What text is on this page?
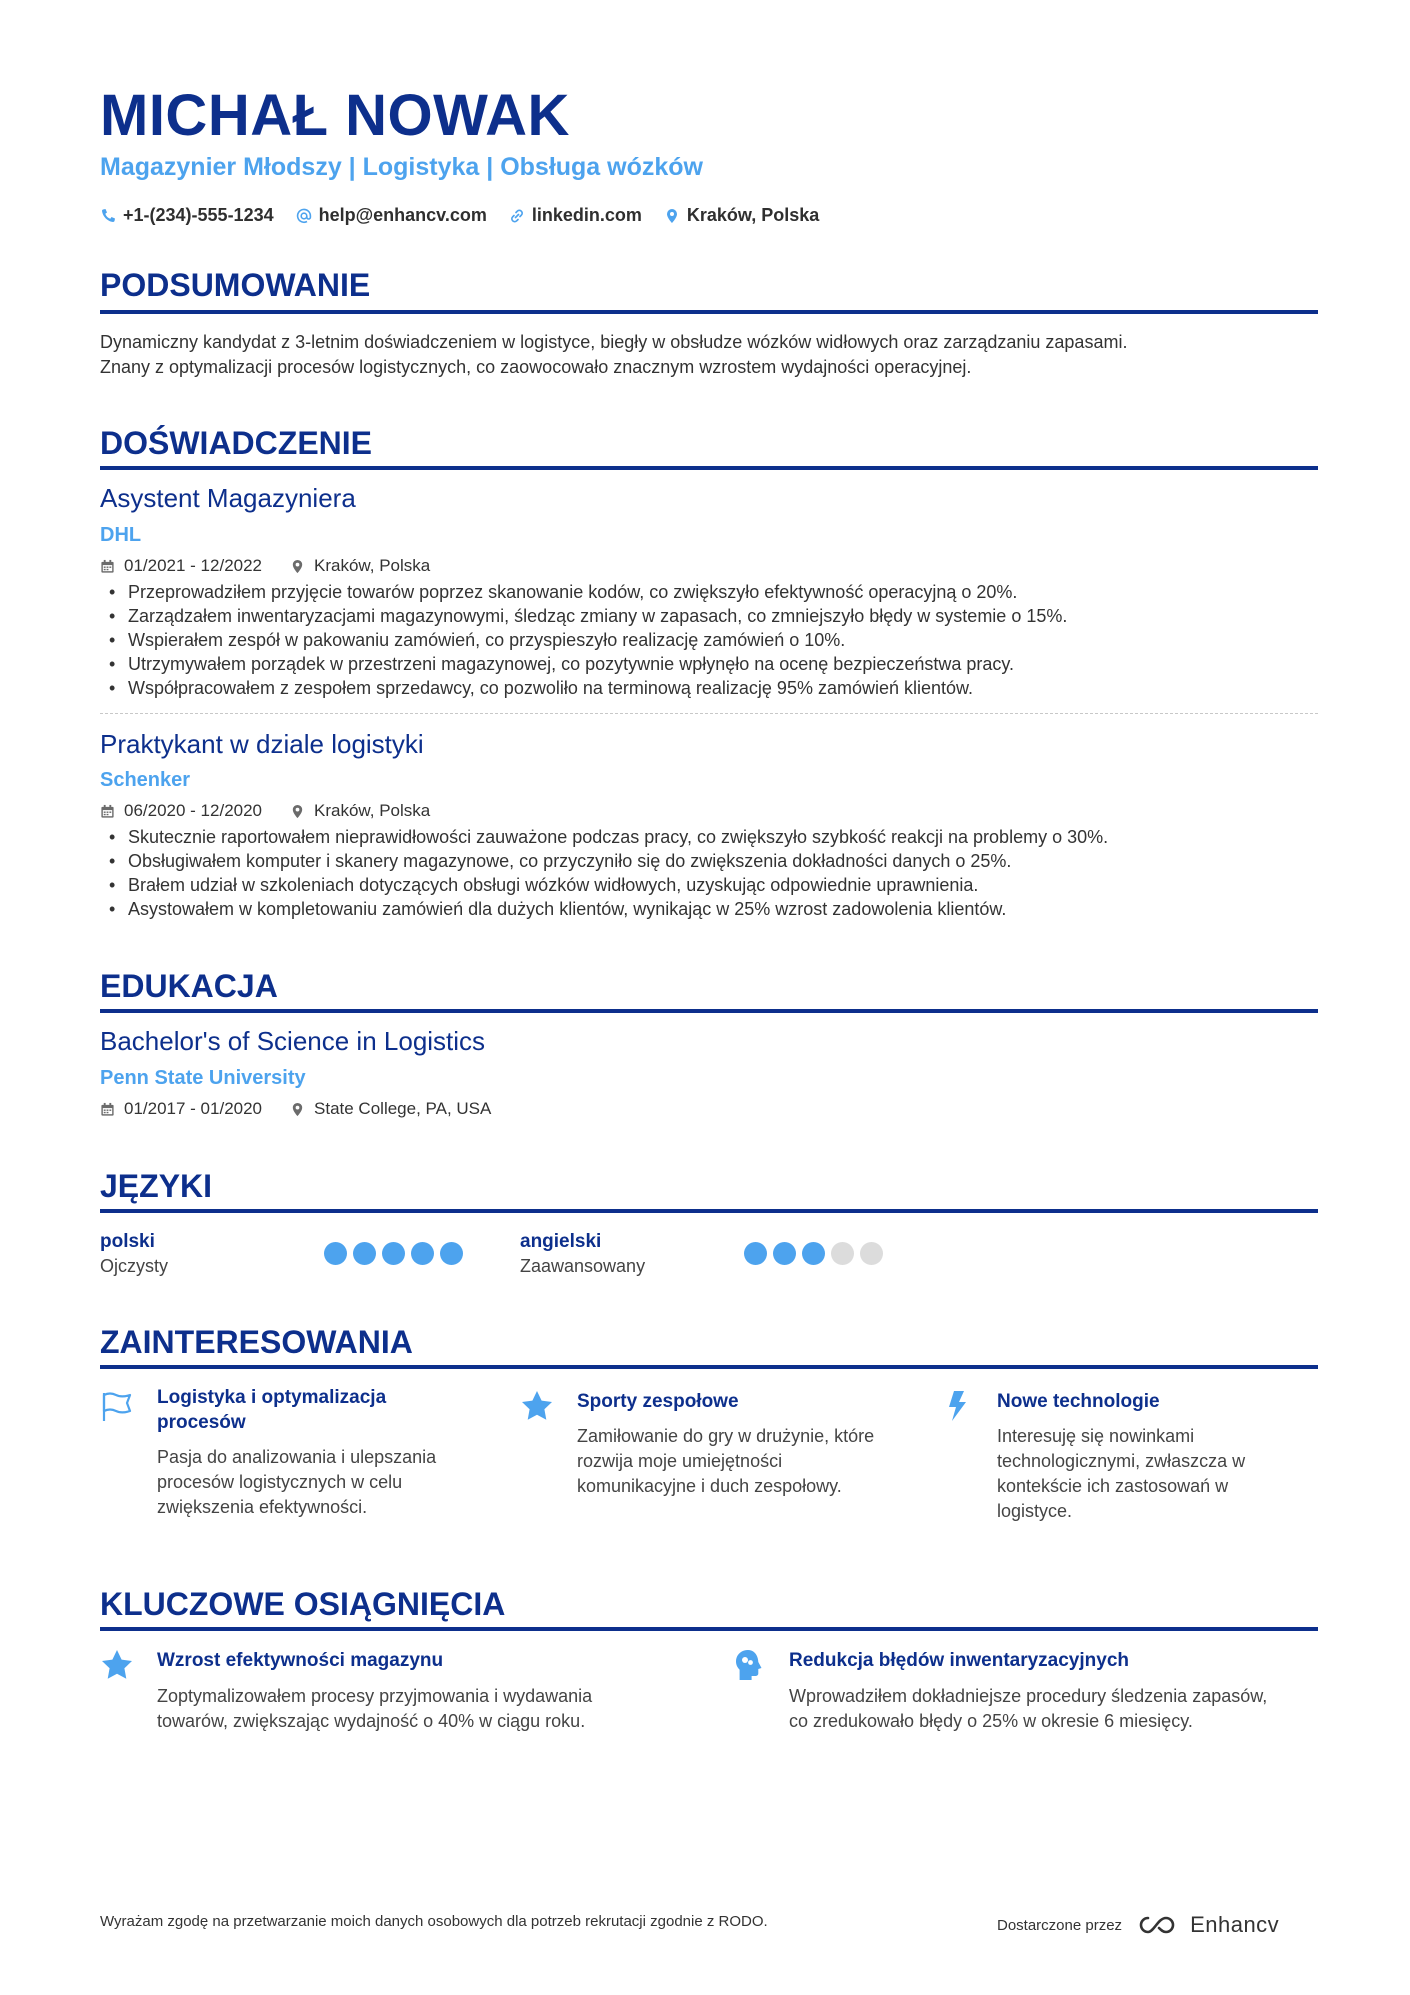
MICHAŁ NOWAK
Magazynier Młodszy | Logistyka | Obsługa wózków
+1-(234)-555-1234	help@enhancv.com	linkedin.com	Kraków, Polska
PODSUMOWANIE
Dynamiczny kandydat z 3-letnim doświadczeniem w logistyce, biegły w obsłudze wózków widłowych oraz zarządzaniu zapasami.
Znany z optymalizacji procesów logistycznych, co zaowocowało znacznym wzrostem wydajności operacyjnej.
DOŚWIADCZENIE
Asystent Magazyniera
DHL
01/2021 - 12/2022	Kraków, Polska
• Przeprowadziłem przyjęcie towarów poprzez skanowanie kodów, co zwiększyło efektywność operacyjną o 20%.
• Zarządzałem inwentaryzacjami magazynowymi, śledząc zmiany w zapasach, co zmniejszyło błędy w systemie o 15%.
• Wspierałem zespół w pakowaniu zamówień, co przyspieszyło realizację zamówień o 10%.
• Utrzymywałem porządek w przestrzeni magazynowej, co pozytywnie wpłynęło na ocenę bezpieczeństwa pracy.
• Współpracowałem z zespołem sprzedawcy, co pozwoliło na terminową realizację 95% zamówień klientów.
Praktykant w dziale logistyki
Schenker
06/2020 - 12/2020	Kraków, Polska
• Skutecznie raportowałem nieprawidłowości zauważone podczas pracy, co zwiększyło szybkość reakcji na problemy o 30%.
• Obsługiwałem komputer i skanery magazynowe, co przyczyniło się do zwiększenia dokładności danych o 25%.
• Brałem udział w szkoleniach dotyczących obsługi wózków widłowych, uzyskując odpowiednie uprawnienia.
• Asystowałem w kompletowaniu zamówień dla dużych klientów, wynikając w 25% wzrost zadowolenia klientów.
EDUKACJA
Bachelor's of Science in Logistics
Penn State University
01/2017 - 01/2020	State College, PA, USA
JĘZYKI
polski
Ojczysty
angielski
Zaawansowany
ZAINTERESOWANIA
Logistyka i optymalizacja procesów
Pasja do analizowania i ulepszania procesów logistycznych w celu zwiększenia efektywności.
Sporty zespołowe
Zamiłowanie do gry w drużynie, które rozwija moje umiejętności komunikacyjne i duch zespołowy.
Nowe technologie
Interesuję się nowinkami technologicznymi, zwłaszcza w kontekście ich zastosowań w logistyce.
KLUCZOWE OSIĄGNIĘCIA
Wzrost efektywności magazynu
Zoptymalizowałem procesy przyjmowania i wydawania towarów, zwiększając wydajność o 40% w ciągu roku.
Redukcja błędów inwentaryzacyjnych
Wprowadziłem dokładniejsze procedury śledzenia zapasów, co zredukowało błędy o 25% w okresie 6 miesięcy.
Wyrażam zgodę na przetwarzanie moich danych osobowych dla potrzeb rekrutacji zgodnie z RODO.	Dostarczone przez	Enhancv
